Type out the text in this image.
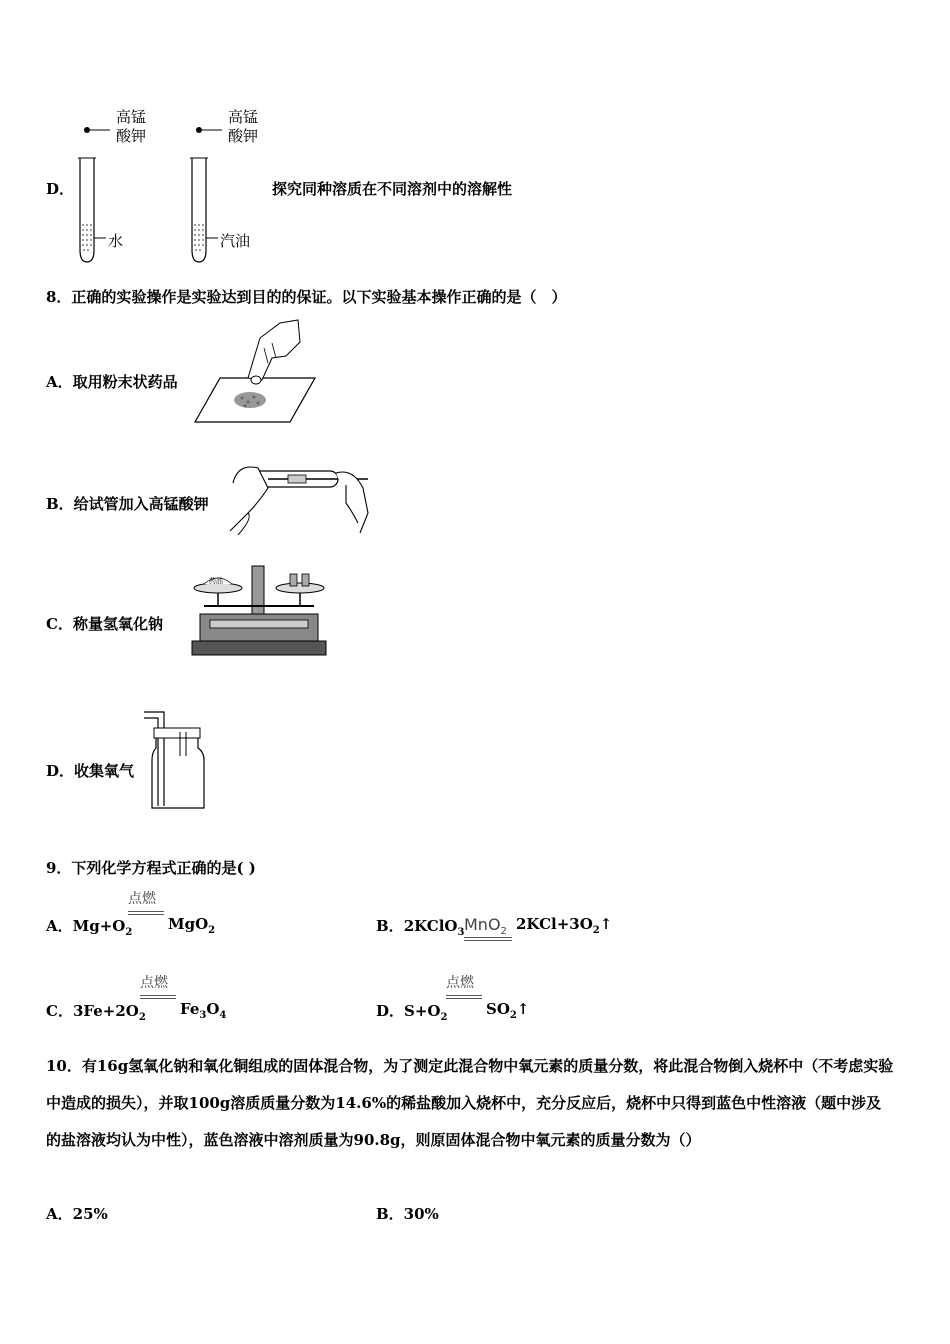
高锰
酸钾
水
高锰
酸钾
汽油
D．	探究同种溶质在不同溶剂中的溶解性
8．正确的实验操作是实验达到目的的保证。以下实验基本操作正确的是（　）
A．取用粉末状药品
B．给试管加入高锰酸钾
C．称量氢氧化钠
药品
D．收集氧气
9．下列化学方程式正确的是( )
A．$Mg+O_2$
点燃
MgO$_2$	B．2KClO$_3$ MnO$_2$ $2KCl+3O_2↑$
C．$3Fe+2O_2$
点燃
$Fe_3O_4$	D．$S+O_2$
点燃
$SO_2↑$
10．有16g氢氧化钠和氧化铜组成的固体混合物，为了测定此混合物中氧元素的质量分数，将此混合物倒入烧杯中（不考虑实验中造成的损失），并取100g溶质质量分数为14.6%的稀盐酸加入烧杯中，充分反应后，烧杯中只得到蓝色中性溶液（题中涉及的盐溶液均认为中性），蓝色溶液中溶剂质量为90.8g，则原固体混合物中氧元素的质量分数为（）
A．25%	B．30%
